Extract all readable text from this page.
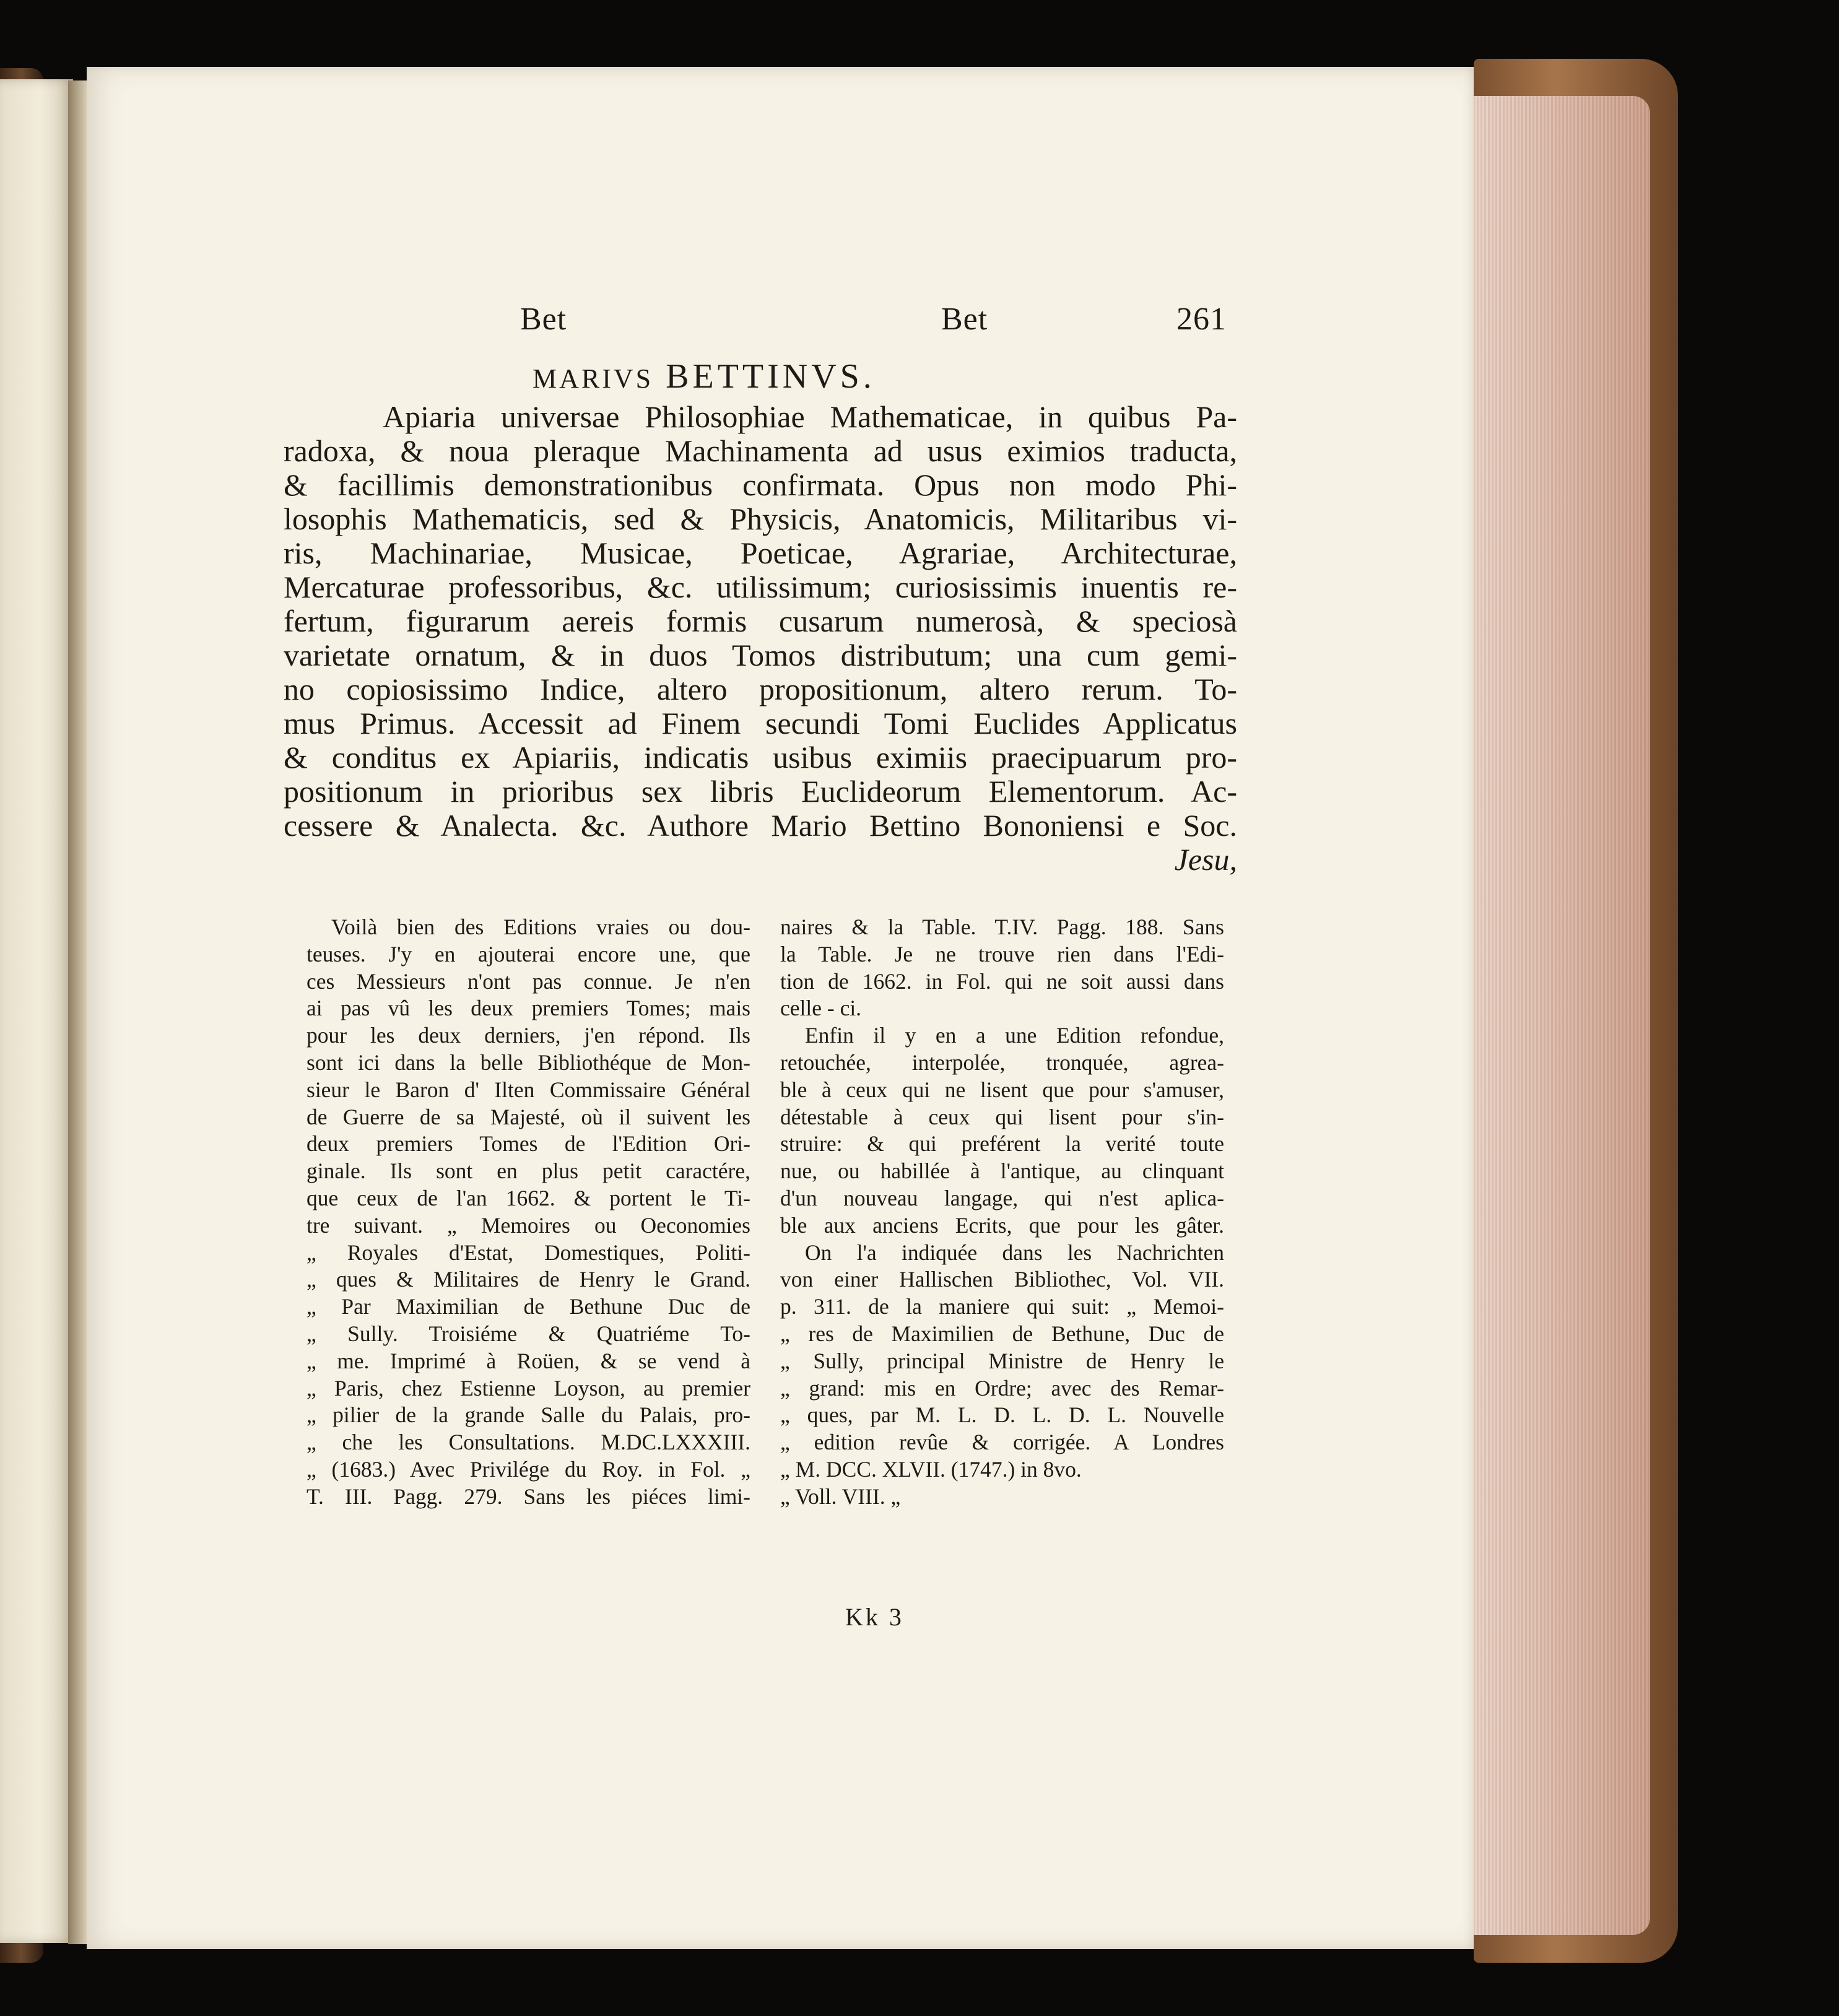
Bet	Bet	261
MARIVS BETTINVS.
Apiaria universae Philosophiae Mathematicae, in quibus Pa-
radoxa, & noua pleraque Machinamenta ad usus eximios traducta,
& facillimis demonstrationibus confirmata. Opus non modo Phi-
losophis Mathematicis, sed & Physicis, Anatomicis, Militaribus vi-
ris, Machinariae, Musicae, Poeticae, Agrariae, Architecturae,
Mercaturae professoribus, &c. utilissimum; curiosissimis inuentis re-
fertum, figurarum aereis formis cusarum numerosà, & speciosà
varietate ornatum, & in duos Tomos distributum; una cum gemi-
no copiosissimo Indice, altero propositionum, altero rerum. To-
mus Primus. Accessit ad Finem secundi Tomi Euclides Applicatus
& conditus ex Apiariis, indicatis usibus eximiis praecipuarum pro-
positionum in prioribus sex libris Euclideorum Elementorum. Ac-
cessere & Analecta. &c. Authore Mario Bettino Bononiensi e Soc.
Jesu,
Voilà bien des Editions vraies ou dou-
teuses. J'y en ajouterai encore une, que
ces Messieurs n'ont pas connue. Je n'en
ai pas vû les deux premiers Tomes; mais
pour les deux derniers, j'en répond. Ils
sont ici dans la belle Bibliothéque de Mon-
sieur le Baron d' Ilten Commissaire Général
de Guerre de sa Majesté, où il suivent les
deux premiers Tomes de l'Edition Ori-
ginale. Ils sont en plus petit caractére,
que ceux de l'an 1662. & portent le Ti-
tre suivant. „ Memoires ou Oeconomies
„ Royales d'Estat, Domestiques, Politi-
„ ques & Militaires de Henry le Grand.
„ Par Maximilian de Bethune Duc de
„ Sully. Troisiéme & Quatriéme To-
„ me. Imprimé à Roüen, & se vend à
„ Paris, chez Estienne Loyson, au premier
„ pilier de la grande Salle du Palais, pro-
„ che les Consultations. M.DC.LXXXIII.
„ (1683.) Avec Privilége du Roy. in Fol. „
T. III. Pagg. 279. Sans les piéces limi-
naires & la Table. T.IV. Pagg. 188. Sans
la Table. Je ne trouve rien dans l'Edi-
tion de 1662. in Fol. qui ne soit aussi dans
celle - ci.
Enfin il y en a une Edition refondue,
retouchée, interpolée, tronquée, agrea-
ble à ceux qui ne lisent que pour s'amuser,
détestable à ceux qui lisent pour s'in-
struire: & qui preférent la verité toute
nue, ou habillée à l'antique, au clinquant
d'un nouveau langage, qui n'est aplica-
ble aux anciens Ecrits, que pour les gâter.
On l'a indiquée dans les Nachrichten
von einer Hallischen Bibliothec, Vol. VII.
p. 311. de la maniere qui suit: „ Memoi-
„ res de Maximilien de Bethune, Duc de
„ Sully, principal Ministre de Henry le
„ grand: mis en Ordre; avec des Remar-
„ ques, par M. L. D. L. D. L. Nouvelle
„ edition revûe & corrigée. A Londres
„ M. DCC. XLVII. (1747.) in 8vo.
„ Voll. VIII. „
Kk 3
